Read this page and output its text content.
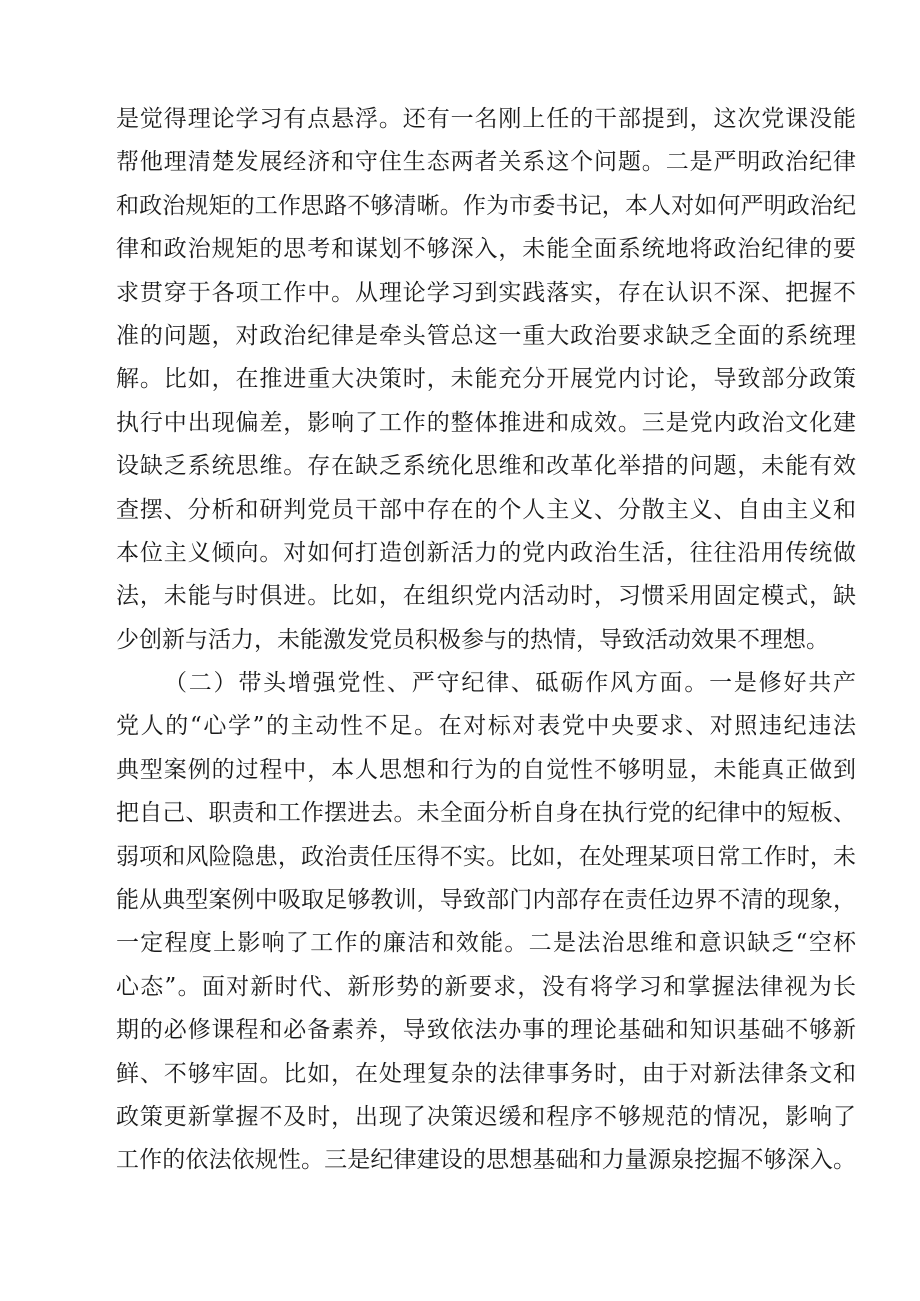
是觉得理论学习有点悬浮。还有一名刚上任的干部提到，这次党课没能
帮他理清楚发展经济和守住生态两者关系这个问题。二是严明政治纪律
和政治规矩的工作思路不够清晰。作为市委书记，本人对如何严明政治纪
律和政治规矩的思考和谋划不够深入，未能全面系统地将政治纪律的要
求贯穿于各项工作中。从理论学习到实践落实，存在认识不深、把握不
准的问题，对政治纪律是牵头管总这一重大政治要求缺乏全面的系统理
解。比如，在推进重大决策时，未能充分开展党内讨论，导致部分政策
执行中出现偏差，影响了工作的整体推进和成效。三是党内政治文化建
设缺乏系统思维。存在缺乏系统化思维和改革化举措的问题，未能有效
查摆、分析和研判党员干部中存在的个人主义、分散主义、自由主义和
本位主义倾向。对如何打造创新活力的党内政治生活，往往沿用传统做
法，未能与时俱进。比如，在组织党内活动时，习惯采用固定模式，缺
少创新与活力，未能激发党员积极参与的热情，导致活动效果不理想。
（二）带头增强党性、严守纪律、砥砺作风方面。一是修好共产
党人的“心学”的主动性不足。在对标对表党中央要求、对照违纪违法
典型案例的过程中，本人思想和行为的自觉性不够明显，未能真正做到
把自己、职责和工作摆进去。未全面分析自身在执行党的纪律中的短板、
弱项和风险隐患，政治责任压得不实。比如，在处理某项日常工作时，未
能从典型案例中吸取足够教训，导致部门内部存在责任边界不清的现象，
一定程度上影响了工作的廉洁和效能。二是法治思维和意识缺乏“空杯
心态”。面对新时代、新形势的新要求，没有将学习和掌握法律视为长
期的必修课程和必备素养，导致依法办事的理论基础和知识基础不够新
鲜、不够牢固。比如，在处理复杂的法律事务时，由于对新法律条文和
政策更新掌握不及时，出现了决策迟缓和程序不够规范的情况，影响了
工作的依法依规性。三是纪律建设的思想基础和力量源泉挖掘不够深入。
